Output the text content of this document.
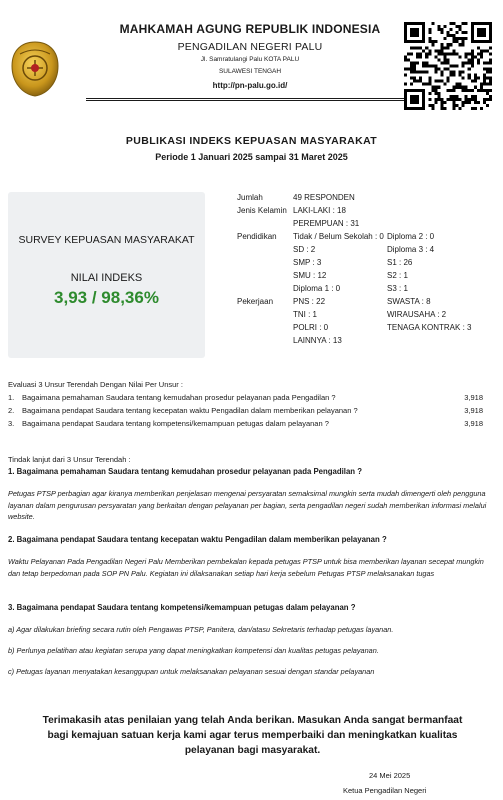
MAHKAMAH AGUNG REPUBLIK INDONESIA
PENGADILAN NEGERI PALU
Jl. Samratulangi Palu KOTA PALU
SULAWESI TENGAH
http://pn-palu.go.id/
PUBLIKASI INDEKS KEPUASAN MASYARAKAT
Periode 1 Januari 2025 sampai 31 Maret 2025
SURVEY KEPUASAN MASYARAKAT
NILAI INDEKS
3,93 / 98,36%
Jumlah	49 RESPONDEN
Jenis Kelamin LAKI-LAKI : 18
PEREMPUAN : 31
Pendidikan Tidak / Belum Sekolah : 0 Diploma 2 : 0
SD : 2	Diploma 3 : 4
SMP : 3	S1 : 26
SMU : 12	S2 : 1
Diploma 1 : 0	S3 : 1
Pekerjaan PNS : 22	SWASTA : 8
TNI : 1	WIRAUSAHA : 2
POLRI : 0	TENAGA KONTRAK : 3
LAINNYA : 13
Evaluasi 3 Unsur Terendah Dengan Nilai Per Unsur :
1.	Bagaimana pemahaman Saudara tentang kemudahan prosedur pelayanan pada Pengadilan ?	3,918
2.	Bagaimana pendapat Saudara tentang kecepatan waktu Pengadilan dalam memberikan pelayanan ?	3,918
3.	Bagaimana pendapat Saudara tentang kompetensi/kemampuan petugas dalam pelayanan ?	3,918
Tindak lanjut dari 3 Unsur Terendah :
1. Bagaimana pemahaman Saudara tentang kemudahan prosedur pelayanan pada Pengadilan ?
Petugas PTSP perbagian agar kiranya memberikan penjelasan mengenai persyaratan semaksimal mungkin serta mudah dimengerti oleh pengguna layanan dalam pengurusan persyaratan yang berkaitan dengan pelayanan per bagian, serta pengadilan negeri sudah memberikan informasi melalui website.
2. Bagaimana pendapat Saudara tentang kecepatan waktu Pengadilan dalam memberikan pelayanan ?
Waktu Pelayanan Pada Pengadilan Negeri Palu Memberikan pembekalan kepada petugas PTSP untuk bisa memberikan layanan secepat mungkin dan tetap berpedoman pada SOP PN Palu. Kegiatan ini dilaksanakan setiap hari kerja sebelum Petugas PTSP melaksanakan tugas
3. Bagaimana pendapat Saudara tentang kompetensi/kemampuan petugas dalam pelayanan ?
a) Agar dilakukan briefing secara rutin oleh Pengawas PTSP, Panitera, dan/atasu Sekretaris terhadap petugas layanan.
b) Perlunya pelatihan atau kegiatan serupa yang dapat meningkatkan kompetensi dan kualitas petugas pelayanan.
c) Petugas layanan menyatakan kesanggupan untuk melaksanakan pelayanan sesuai dengan standar pelayanan
Terimakasih atas penilaian yang telah Anda berikan. Masukan Anda sangat bermanfaat bagi kemajuan satuan kerja kami agar terus memperbaiki dan meningkatkan kualitas pelayanan bagi masyarakat.
24 Mei 2025
Ketua Pengadilan Negeri
